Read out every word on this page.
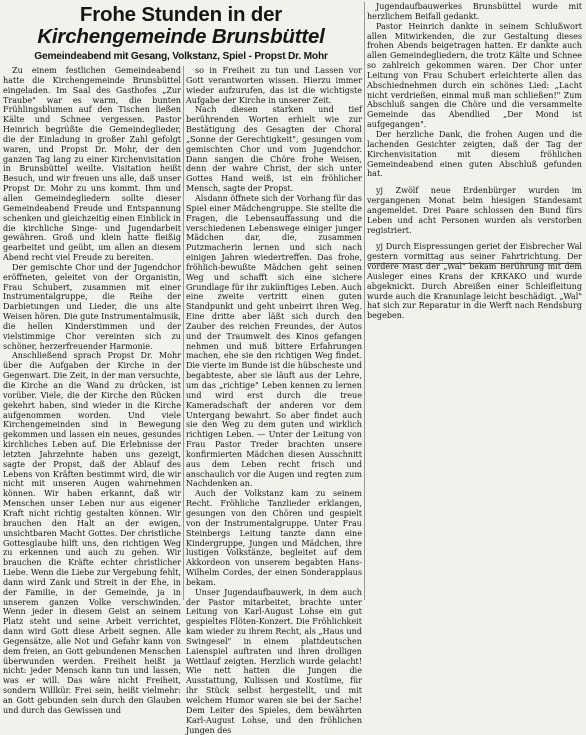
Frohe Stunden in der
Kirchengemeinde Brunsbüttel
Gemeindeabend mit Gesang, Volkstanz, Spiel - Propst Dr. Mohr

Zu einem festlichen Gemeindeabend hatte die Kirchengemeinde Brunsbüttel eingeladen. Im Saal des Gasthofes „Zur Traube" war es warm, die bunten Frühlingsblumen auf den Tischen ließen Kälte und Schnee vergessen. Pastor Heinrich begrüßte die Gemeindeglieder, die der Einladung in großer Zahl gefolgt waren, und Propst Dr. Mohr, der den ganzen Tag lang zu einer Kirchenvisitation in Brunsbüttel weilte. Visitation heißt Besuch, und wir freuen uns alle, daß unser Propst Dr. Mohr zu uns kommt. Ihm und allen Gemeindegliedern sollte dieser Gemeindeabend Freude und Entspannung schenken und gleichzeitig einen Einblick in die kirchliche Singe- und Jugendarbeit gewähren. Groß und klein hatte fleißig gearbeitet und geübt, um allen an diesem Abend recht viel Freude zu bereiten.

Der gemischte Chor und der Jugendchor eröffneten, geleitet von der Organistin, Frau Schubert, zusammen mit einer Instrumentalgruppe, die Reihe der Darbietungen und Lieder, die uns alte Weisen hören. Die gute Instrumentalmusik, die hellen Kinderstimmen und der vielstimmige Chor vereinten sich zu schöner, herzerfreuender Harmonie.

Anschließend sprach Propst Dr. Mohr über die Aufgaben der Kirche in der Gegenwart. Die Zeit, in der man versuchte, die Kirche an die Wand zu drücken, ist vorüber. Viele, die der Kirche den Rücken gekehrt haben, sind wieder in die Kirche aufgenommen worden. Und viele Kirchengemeinden sind in Bewegung gekommen und lassen ein neues, gesundes kirchliches Leben auf. Die Erlebnisse der letzten Jahrzehnte haben uns gezeigt, sagte der Propst, daß der Ablauf des Lebens von Kräften bestimmt wird, die wir nicht mit unseren Augen wahrnehmen können. Wir haben erkannt, daß wir Menschen unser Leben nur aus eigener Kraft nicht richtig gestalten können. Wir brauchen den Halt an der ewigen, unsichtbaren Macht Gottes. Der christliche Gottesglaube hilft uns, den richtigen Weg zu erkennen und auch zu gehen. Wir brauchen die Kräfte echter christlicher Liebe. Wenn die Liebe zur Vergebung fehlt, dann wird Zank und Streit in der Ehe, in der Familie, in der Gemeinde, ja in unserem ganzen Volke verschwinden. Wenn jeder in diesem Geist an seinem Platz steht und seine Arbeit verrichtet, dann wird Gott diese Arbeit segnen. Alle Gegensätze, alle Not und Gefahr kann von dem freien, an Gott gebundenen Menschen überwunden werden. Freiheit heißt ja nicht: jeder Mensch kann tun und lassen, was er will. Das wäre nicht Freiheit, sondern Willkür. Frei sein, heißt vielmehr: an Gott gebunden sein durch den Glauben und durch das Gewissen und

so in Freiheit zu tun und Lassen vor Gott verantworten wissen. Hierzu immer wieder aufzurufen, das ist die wichtigste Aufgabe der Kirche in unserer Zeit.

Nach diesen starken und tief berührenden Worten erhielt wie zur Bestätigung des Gesagten der Choral „Sonne der Gerechtigkeit", gesungen vom gemischten Chor und vom Jugendchor. Dann sangen die Chöre frohe Weisen, denn der wahre Christ, der sich unter Gottes Hand weiß, ist ein fröhlicher Mensch, sagte der Propst.

Alsdann öffnete sich der Vorhang für das Spiel einer Mädchengruppe. Sie stellte die Fragen, die Lebensauffassung und die verschiedenen Lebenswege einiger junger Mädchen dar, die, zusammen Putzmacherin lernen und sich nach einigen Jahren wiedertreffen. Das frohe, fröhlich-bewußte Mädchen geht seinen Weg und schafft sich eine sichere Grundlage für ihr zukünftiges Leben. Auch eine zweite vertritt einen guten Standpunkt und geht unbeirrt ihren Weg. Eine dritte aber läßt sich durch den Zauber des reichen Freundes, der Autos und der Traumwelt des Kinos gefangen nehmen und muß bittere Erfahrungen machen, ehe sie den richtigen Weg findet. Die vierte im Bunde ist die hübscheste und begabteste, aber sie läuft aus der Lehre, um das „richtige" Leben kennen zu lernen und wird erst durch die treue Kameradschaft der anderen vor dem Untergang bewahrt. So aber findet auch sie den Weg zu dem guten und wirklich richtigen Leben. — Unter der Leitung von Frau Pastor Treder brachten unsere konfirmierten Mädchen diesen Ausschnitt aus dem Leben recht frisch und anschaulich vor die Augen und regten zum Nachdenken an.

Auch der Volkstanz kam zu seinem Recht. Fröhliche Tanzlieder erklangen, gesungen von den Chören und gespielt von der Instrumentalgruppe. Unter Frau Steinbergs Leitung tanzte dann eine Kindergruppe, Jungen und Mädchen, ihre lustigen Volkstänze, begleitet auf dem Akkordeon von unserem begabten Hans-Wilhelm Cordes, der einen Sonderapplaus bekam.

Unser Jugendaufbauwerk, in dem auch der Pastor mitarbeitet, brachte unter Leitung von Karl-August Lohse ein gut gespieltes Flöten-Konzert. Die Fröhlichkeit kam wieder zu ihrem Recht, als „Haus und Swingesel" in einem plattdeutschen Laienspiel auftraten und ihren drolligen Wettlauf zeigten. Herzlich wurde gelacht! Wie nett hatten die Jungen die Ausstattung, Kulissen und Kostüme, für ihr Stück selbst hergestellt, und mit welchem Humor waren sie bei der Sache! Dem Leiter des Spieles, dem bewährten Karl-August Lohse, und den fröhlichen Jungen des

Jugendaufbauwerkes Brunsbüttel wurde mit herzlichem Beifall gedankt.

Pastor Heinrich dankte in seinem Schlußwort allen Mitwirkenden, die zur Gestaltung dieses frohen Abends beigetragen hatten. Er dankte auch allen Gemeindegliedern, die trotz Kälte und Schnee so zahlreich gekommen waren. Der Chor unter Leitung von Frau Schubert erleichterte allen das Abschiednehmen durch ein schönes Lied: „Lacht nicht verdrießen, einmal muß man schließen!" Zum Abschluß sangen die Chöre und die versammelte Gemeinde das Abendlied „Der Mond ist aufgegangen".

Der herzliche Dank, die frohen Augen und die lachenden Gesichter zeigten, daß der Tag der Kirchenvisitation mit diesem fröhlichen Gemeindeabend einen guten Abschluß gefunden hat.

yj Zwölf neue Erdenbürger wurden im vergangenen Monat beim hiesigen Standesamt angemeldet. Drei Paare schlossen den Bund fürs Leben und acht Personen wurden als verstorben registriert.

yj Durch Eispressungen geriet der Eisbrecher Wal gestern vormittag aus seiner Fahrtrichtung. Der vordere Mast der „Wal" bekam Berührung mit dem Ausleger eines Krans der KRKAKO und wurde abgeknickt. Durch Abreißen einer Schleifleitung wurde auch die Kranunlage leicht beschädigt. „Wal" hat sich zur Reparatur in die Werft nach Rendsburg begeben.
